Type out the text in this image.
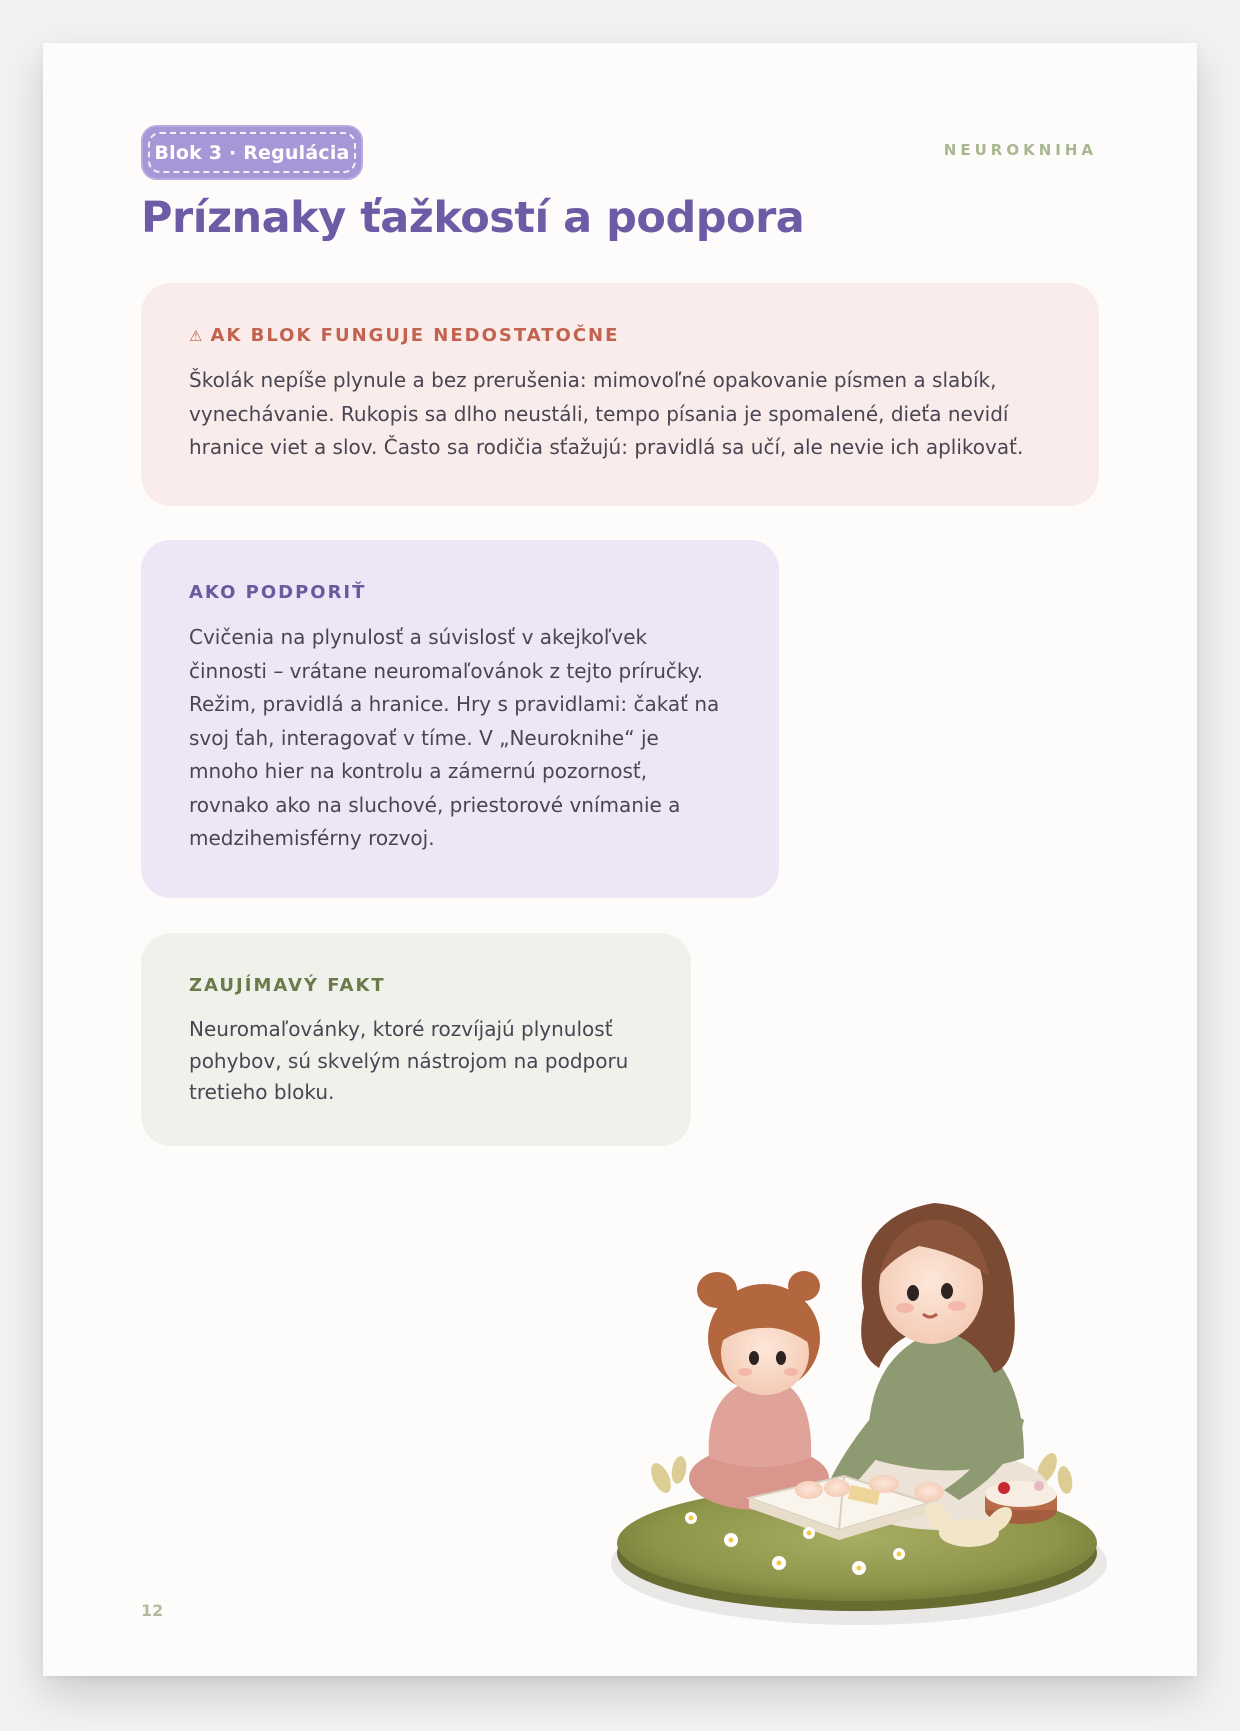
Blok 3 · Regulácia	NEUROKNIHA
Príznaky ťažkostí a podpora
⚠ AK BLOK FUNGUJE NEDOSTATOČNE

Školák nepíše plynule a bez prerušenia: mimovoľné opakovanie písmen a slabík, vynechávanie. Rukopis sa dlho neustáli, tempo písania je spomalené, dieťa nevidí hranice viet a slov. Často sa rodičia sťažujú: pravidlá sa učí, ale nevie ich aplikovať.

AKO PODPORIŤ

Cvičenia na plynulosť a súvislosť v akejkoľvek činnosti – vrátane neuromaľovánok z tejto príručky. Režim, pravidlá a hranice. Hry s pravidlami: čakať na svoj ťah, interagovať v tíme. V „Neuroknihe“ je mnoho hier na kontrolu a zámernú pozornosť, rovnako ako na sluchové, priestorové vnímanie a medzihemisférny rozvoj.

ZAUJÍMAVÝ FAKT

Neuromaľovánky, ktoré rozvíjajú plynulosť pohybov, sú skvelým nástrojom na podporu tretieho bloku.

12
